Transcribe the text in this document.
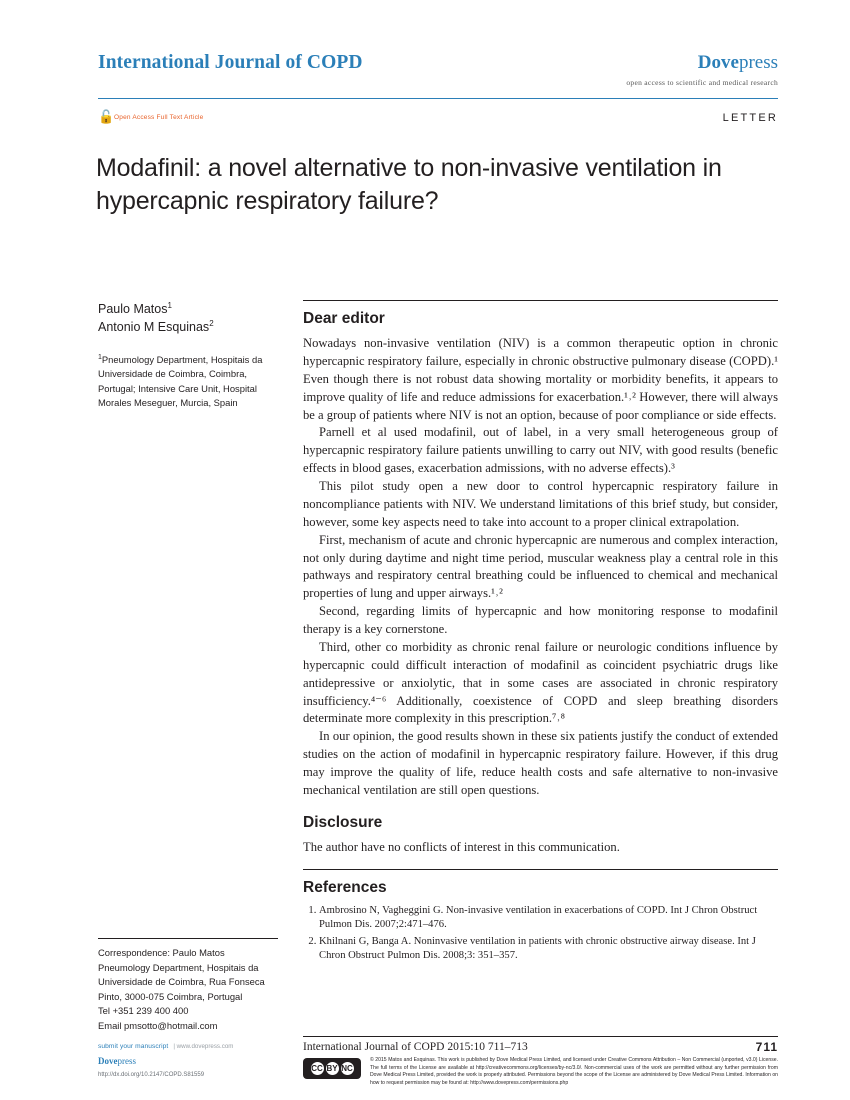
International Journal of COPD	Dovepress
open access to scientific and medical research
🔓 Open Access Full Text Article	LETTER
Modafinil: a novel alternative to non-invasive ventilation in hypercapnic respiratory failure?
Paulo Matos$^1$
Antonio M Esquinas$^2$
$^1$Pneumology Department, Hospitais da Universidade de Coimbra, Coimbra, Portugal; Intensive Care Unit, Hospital Morales Meseguer, Murcia, Spain
Correspondence: Paulo Matos
Pneumology Department, Hospitais da
Universidade de Coimbra, Rua Fonseca
Pinto, 3000-075 Coimbra, Portugal
Tel +351 239 400 400
Email pmsotto@hotmail.com
submit your manuscript | www.dovepress.com
Dovepress
http://dx.doi.org/10.2147/COPD.S81559
Dear editor

Nowadays non-invasive ventilation (NIV) is a common therapeutic option in chronic hypercapnic respiratory failure, especially in chronic obstructive pulmonary disease (COPD).¹ Even though there is not robust data showing mortality or morbidity benefits, it appears to improve quality of life and reduce admissions for exacerbation.¹˒² However, there will always be a group of patients where NIV is not an option, because of poor compliance or side effects.

Parnell et al used modafinil, out of label, in a very small heterogeneous group of hypercapnic respiratory failure patients unwilling to carry out NIV, with good results (benefic effects in blood gases, exacerbation admissions, with no adverse effects).³

This pilot study open a new door to control hypercapnic respiratory failure in noncompliance patients with NIV. We understand limitations of this brief study, but consider, however, some key aspects need to take into account to a proper clinical extrapolation.

First, mechanism of acute and chronic hypercapnic are numerous and complex interaction, not only during daytime and night time period, muscular weakness play a central role in this pathways and respiratory central breathing could be influenced to chemical and mechanical properties of lung and upper airways.¹˒²

Second, regarding limits of hypercapnic and how monitoring response to modafinil therapy is a key cornerstone.

Third, other co morbidity as chronic renal failure or neurologic conditions influence by hypercapnic could difficult interaction of modafinil as coincident psychiatric drugs like antidepressive or anxiolytic, that in some cases are associated in chronic respiratory insufficiency.⁴⁻⁶ Additionally, coexistence of COPD and sleep breathing disorders determinate more complexity in this prescription.⁷˒⁸

In our opinion, the good results shown in these six patients justify the conduct of extended studies on the action of modafinil in hypercapnic respiratory failure. However, if this drug may improve the quality of life, reduce health costs and safe alternative to non-invasive mechanical ventilation are still open questions.

Disclosure

The author have no conflicts of interest in this communication.

References
1. Ambrosino N, Vagheggini G. Non-invasive ventilation in exacerbations of COPD. Int J Chron Obstruct Pulmon Dis. 2007;2:471–476.
2. Khilnani G, Banga A. Noninvasive ventilation in patients with chronic obstructive airway disease. Int J Chron Obstruct Pulmon Dis. 2008;3: 351–357.
International Journal of COPD 2015:10 711–713	711
CC BY NC
© 2015 Matos and Esquinas. This work is published by Dove Medical Press Limited, and licensed under Creative Commons Attribution – Non Commercial (unported, v3.0) License. The full terms of the License are available at http://creativecommons.org/licenses/by-nc/3.0/. Non-commercial uses of the work are permitted without any further permission from Dove Medical Press Limited, provided the work is properly attributed. Permissions beyond the scope of the License are administered by Dove Medical Press Limited. Information on how to request permission may be found at: http://www.dovepress.com/permissions.php
